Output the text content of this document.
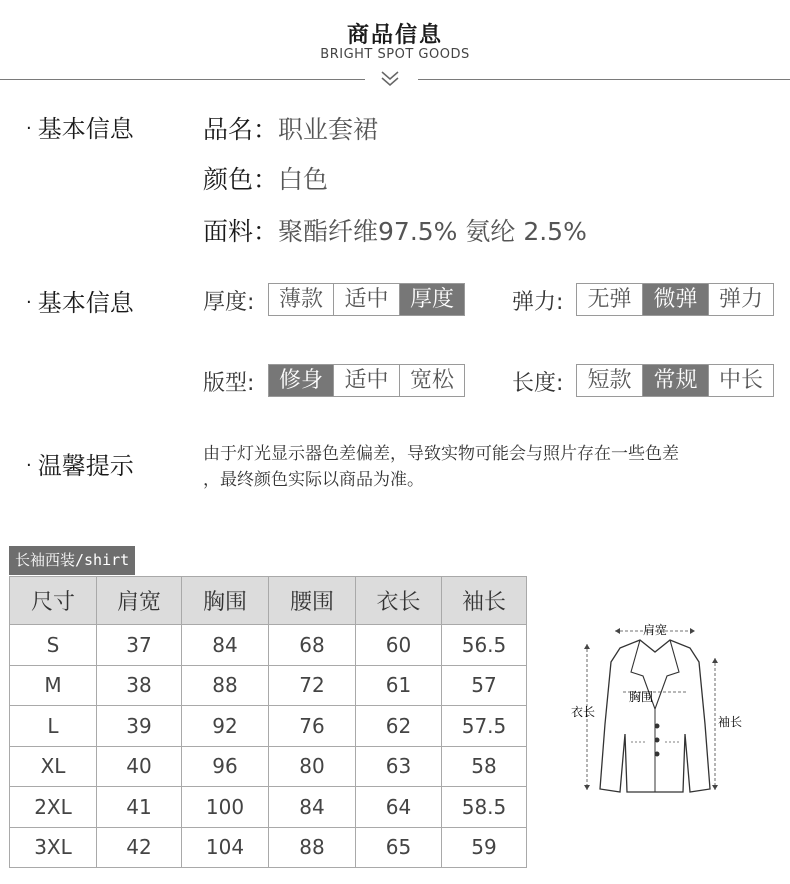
商品信息
BRIGHT SPOT GOODS
· 基本信息	品名：职业套裙
颜色：白色
面料：聚酯纤维97.5% 氨纶 2.5%
· 基本信息	厚度:	薄款 适中 厚度	弹力:	无弹 微弹 弹力
版型:	修身 适中 宽松	长度:	短款 常规 中长
· 温馨提示	由于灯光显示器色差偏差，导致实物可能会与照片存在一些色差
，最终颜色实际以商品为准。
长袖西装/shirt
尺寸	肩宽	胸围	腰围	衣长	袖长
S	37	84	68	60	56.5
M	38	88	72	61	57
L	39	92	76	62	57.5
XL	40	96	80	63	58
2XL	41	100	84	64	58.5
3XL	42	104	88	65	59
肩宽
胸围
衣长
袖长
